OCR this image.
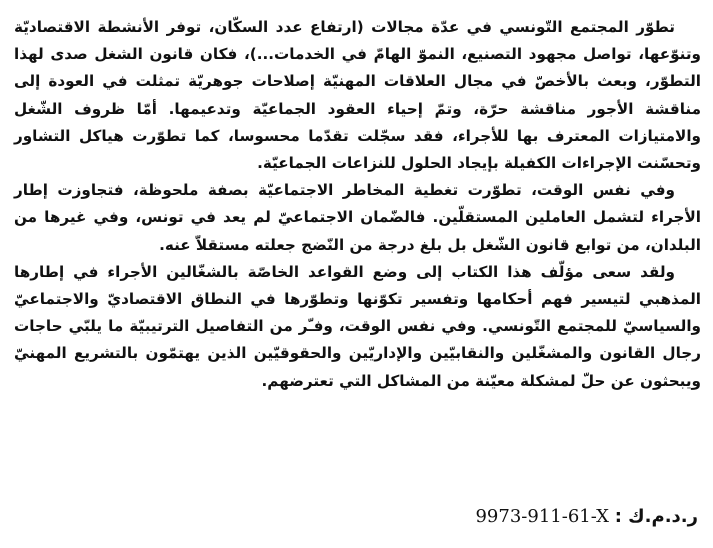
تطوّر المجتمع التّونسي في عدّة مجالات (ارتفاع عدد السكّان، توفر الأنشطة الاقتصاديّة وتنوّعها، تواصل مجهود التصنيع، النموّ الهامّ في الخدمات...)، فكان قانون الشغل صدى لهذا التطوّر، وبعث بالأخصّ في مجال العلاقات المهنيّة إصلاحات جوهريّة تمثلت في العودة إلى مناقشة الأجور مناقشة حرّة، وتمّ إحياء العقود الجماعيّة وتدعيمها. أمّا ظروف الشّغل والامتيازات المعترف بها للأجراء، فقد سجّلت تقدّما محسوسا، كما تطوّرت هياكل التشاور وتحسّنت الإجراءات الكفيلة بإيجاد الحلول للنزاعات الجماعيّة.

وفي نفس الوقت، تطوّرت تغطية المخاطر الاجتماعيّة بصفة ملحوظة، فتجاوزت إطار الأجراء لتشمل العاملين المستقلّين. فالضّمان الاجتماعيّ لم يعد في تونس، وفي غيرها من البلدان، من توابع قانون الشّغل بل بلغ درجة من النّضج جعلته مستقلاّ عنه.

ولقد سعى مؤلّف هذا الكتاب إلى وضع القواعد الخاصّة بالشغّالين الأجراء في إطارها المذهبي لتيسير فهم أحكامها وتفسير تكوّنها وتطوّرها في النطاق الاقتصاديّ والاجتماعيّ والسياسيّ للمجتمع التّونسي. وفي نفس الوقت، وفـّر من التفاصيل الترتيبيّة ما يلبّي حاجات رجال القانون والمشغّلين والنقابيّين والإداريّين والحقوقيّين الذين يهتمّون بالتشريع المهنيّ ويبحثون عن حلّ لمشكلة معيّنة من المشاكل التي تعترضهم.

9973-911-61-X ر.د.م.ك :
